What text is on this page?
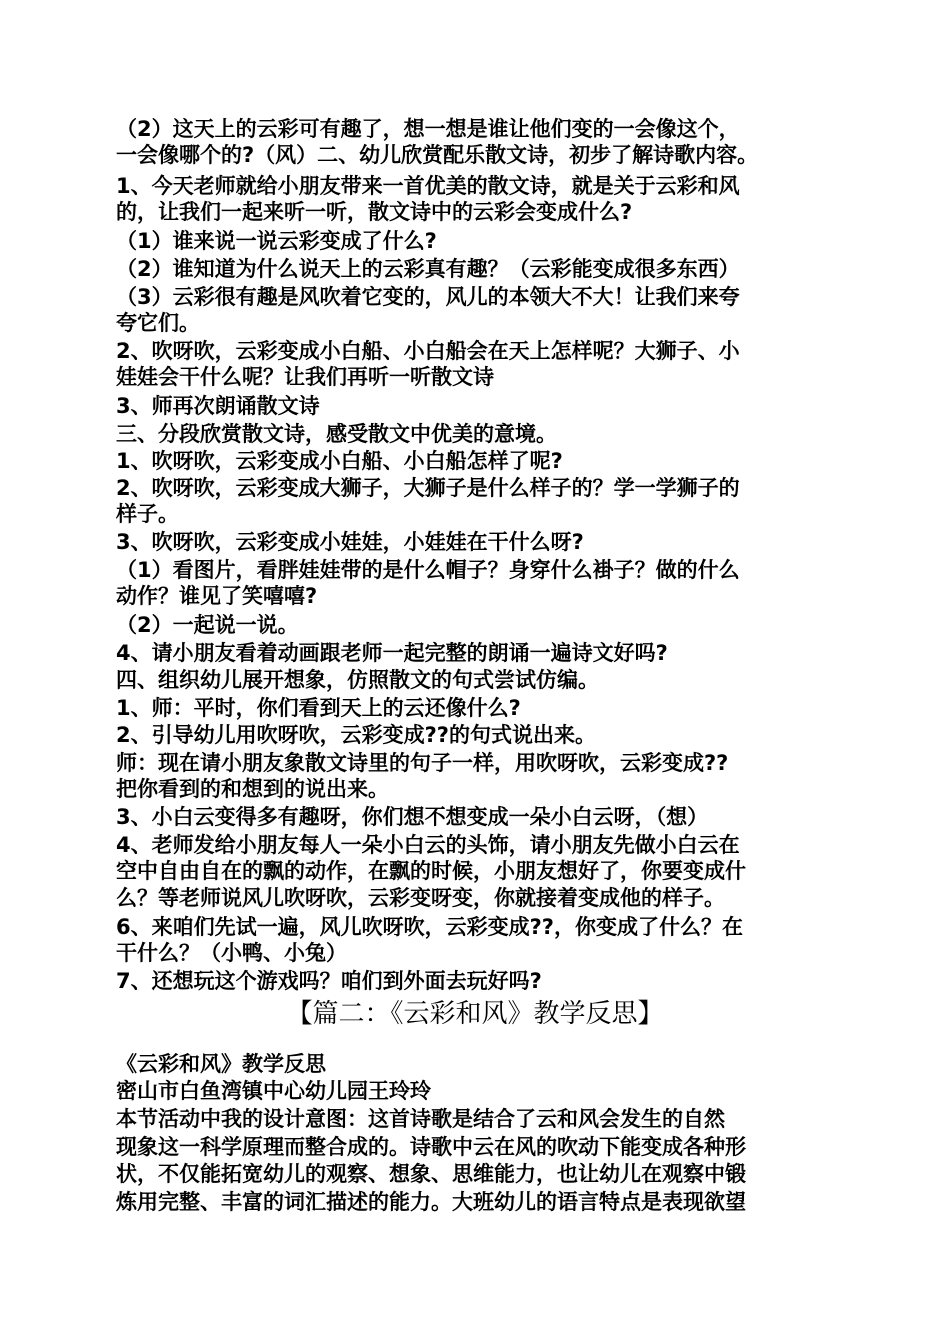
（2）这天上的云彩可有趣了，想一想是谁让他们变的一会像这个，
一会像哪个的?（风）二、幼儿欣赏配乐散文诗，初步了解诗歌内容。
1、今天老师就给小朋友带来一首优美的散文诗，就是关于云彩和风
的，让我们一起来听一听，散文诗中的云彩会变成什么?
（1）谁来说一说云彩变成了什么?
（2）谁知道为什么说天上的云彩真有趣？（云彩能变成很多东西）
（3）云彩很有趣是风吹着它变的，风儿的本领大不大！让我们来夸
夸它们。
2、吹呀吹，云彩变成小白船、小白船会在天上怎样呢？大狮子、小
娃娃会干什么呢？让我们再听一听散文诗
3、师再次朗诵散文诗
三、分段欣赏散文诗，感受散文中优美的意境。
1、吹呀吹，云彩变成小白船、小白船怎样了呢?
2、吹呀吹，云彩变成大狮子，大狮子是什么样子的？学一学狮子的
样子。
3、吹呀吹，云彩变成小娃娃，小娃娃在干什么呀?
（1）看图片，看胖娃娃带的是什么帽子？身穿什么褂子？做的什么
动作？谁见了笑嘻嘻?
（2）一起说一说。
4、请小朋友看着动画跟老师一起完整的朗诵一遍诗文好吗?
四、组织幼儿展开想象，仿照散文的句式尝试仿编。
1、师：平时，你们看到天上的云还像什么?
2、引导幼儿用吹呀吹，云彩变成??的句式说出来。
师：现在请小朋友象散文诗里的句子一样，用吹呀吹，云彩变成??
把你看到的和想到的说出来。
3、小白云变得多有趣呀，你们想不想变成一朵小白云呀，（想）
4、老师发给小朋友每人一朵小白云的头饰，请小朋友先做小白云在
空中自由自在的飘的动作，在飘的时候，小朋友想好了，你要变成什
么？等老师说风儿吹呀吹，云彩变呀变，你就接着变成他的样子。
6、来咱们先试一遍，风儿吹呀吹，云彩变成??，你变成了什么？在
干什么？（小鸭、小兔）
7、还想玩这个游戏吗？咱们到外面去玩好吗?
【篇二：《云彩和风》教学反思】
《云彩和风》教学反思
密山市白鱼湾镇中心幼儿园王玲玲
本节活动中我的设计意图：这首诗歌是结合了云和风会发生的自然
现象这一科学原理而整合成的。诗歌中云在风的吹动下能变成各种形
状，不仅能拓宽幼儿的观察、想象、思维能力，也让幼儿在观察中锻
炼用完整、丰富的词汇描述的能力。大班幼儿的语言特点是表现欲望
